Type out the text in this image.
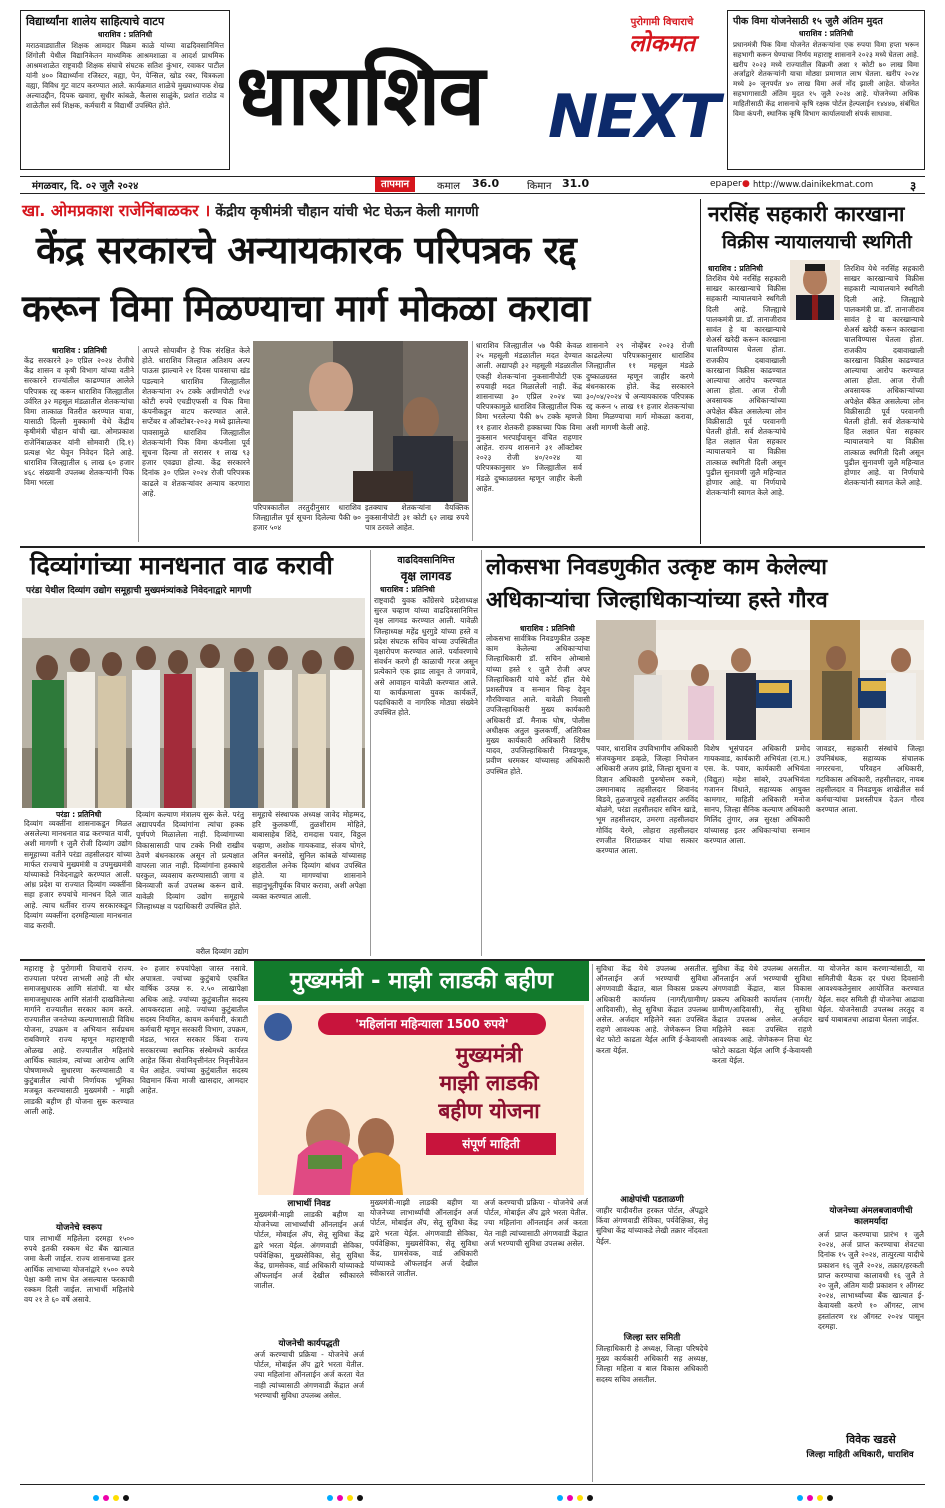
विद्यार्थ्यांना शालेय साहित्याचे वाटप
धाराशिव : प्रतिनिधी
मराठवाड्यातील शिक्षक आमदार विक्रम काळे यांच्या वाढदिवसानिमित्त शिंगोली येथील विद्यानिकेतन माध्यमिक आश्रमशाळा व आदर्श प्राथमिक आश्रमशाळेत राष्ट्रवादी शिक्षक संघाचे संघटक सतिश कुंभार, रवाकर पाटील यांनी ४०० विद्यार्थ्यांना रजिस्टर, वह्या, पेन, पेन्सिल, खोड रबर, चित्रकला वह्या, विविध गुट वाटप करण्यात आले. कार्यक्रमात शाळेचे मुख्याध्यापक शेख अल्याउद्दीन, दिपक खवारा, सुधीर कांबळे, कैलास साळुंके, प्रशांत राठोड व शाळेतील सर्व शिक्षक, कर्मचारी व विद्यार्थी उपस्थित होते. धाराशिव
पुरोगामी विचाराचे
लोकमत
NEXT
पीक विमा योजनेसाठी १५ जुलै अंतिम मुदत
धाराशिव : प्रतिनिधी
प्रधानमंत्री पिक विमा योजनेत शेतकऱ्यांना एक रुपया विमा हप्ता भरून सहभागी करून घेण्याचा निर्णय महाराष्ट्र शासनाने २०२३ मध्ये घेतला आहे. खरीप २०२३ मध्ये राज्यातील विक्रमी अशा १ कोटी ७० लाख विमा अर्जाद्वारे शेतकऱ्यांनी याचा मोठ्या प्रमाणात लाभ घेतला. खरीप २०२४ मध्ये ३० जूनपर्यंत ४० लाख विमा अर्ज नोंद झाली आहेत. योजनेत सहभागासाठी अंतिम मुदत १५ जुलै २०२४ आहे. योजनेच्या अधिक माहितीसाठी केंद्र शासनाचे कृषि रक्षक पोर्टल हेल्पलाईन १४४४७, संबंधित विमा कंपनी, स्थानिक कृषि विभाग कार्यालयाशी संपर्क साधावा.
मंगळवार, दि. ०२ जुलै २०२४	तापमान	कमाल 36.0	किमान 31.0	epaper ● http://www.dainikekmat.com	३
खा. ओमप्रकाश राजेनिंबाळकर । केंद्रीय कृषीमंत्री चौहान यांची भेट घेऊन केली मागणी
केंद्र सरकारचे अन्यायकारक परिपत्रक रद्द
करून विमा मिळण्याचा मार्ग मोकळा करावा
धाराशिव : प्रतिनिधी
केंद्र सरकारने ३० एप्रिल २०२४ रोजीचे केंद्र शासन व कृषी विभाग यांच्या वतीने सरकारने राज्यांतील काढण्यात आलेले परिपत्रक रद्द करून धाराशिव जिल्ह्यातील उर्वरित ३२ महसूल मंडळातील शेतकऱ्यांचा विमा तात्काळ वितरीत करण्यात यावा, यासाठी दिल्ली मुक्कामी येथे केंद्रीय कृषीमंत्री चौहान यांची खा. ओमप्रकाश राजेनिंबाळकर यांनी सोमवारी (दि.१) प्रत्यक्ष भेट घेवून निवेदन दिले आहे. धाराशिव जिल्ह्यातील ६ लाख ६० हजार ४६८ संख्यानी उपलब्ध शेतकऱ्यांनी पिक विमा भरला
आपले सोयाबीन हे पिक संरक्षित केले होते. धाराशिव जिल्हात अतिशय अल्प पाऊस झाल्याने २१ दिवस पावसाचा खंड पडल्याने धाराशिव जिल्ह्यातील शेतकऱ्यांना २५ टक्के अग्रीमपोटी १५४ कोटी रुपये एचडीएफसी व पिक विमा कंपनीकडून वाटप करण्यात आले. सप्टेंबर व ऑक्टोबर-२०२३ मध्ये झालेल्या पावसामुळे धाराशिव जिल्ह्यातील शेतकऱ्यांनी पिक विमा कंपनीला पूर्व सूचना दिल्या तो सरासर १ लाख ९३ हजार एवढ्या होत्या. केंद्र सरकारने दिनांक ३० एप्रिल २०२४ रोजी परिपत्रक काढले व शेतकऱ्यांवर अन्याय करणारा आहे.
परिपत्रकातील तरतुदीनुसार धाराशिव जिल्ह्यातील पूर्व सूचना दिलेल्या पैकी ७० हजार ५०४
इतक्याच शेतकऱ्यांना वैयक्तिक नुकसानीपोटी ३१ कोटी ६२ लाख रुपये पात्र ठरवले आहेत.
धाराशिव जिल्ह्यातील ५७ पैकी केवळ २५ महसूली मंडळातील मदत देण्यात आली. अद्यापही ३२ महसूली मंडळातील एकही शेतकऱ्यांना नुकसानीपोटी एक रुपयाही मदत मिळालेली नाही. केंद्र शासनाच्या ३० एप्रिल २०२४ च्या परिपत्रकामुळे धाराशिव जिल्ह्यातील पिक विमा भरलेल्या पैकी ७५ टक्के म्हणजे ११ हजार शेतकरी हक्काच्या पिक विमा नुकसान भरपाईपासून वंचित राहणार आहेत. राज्य शासनाने ३१ ऑक्टोबर २०२३ रोजी ४०/२०२४ या परिपत्रकानुसार ४० जिल्ह्यातील सर्व मंडळे दुष्काळग्रस्त म्हणून जाहीर केली आहेत.
शासनाने २९ नोव्हेंबर २०२३ रोजी काढलेल्या परिपत्रकानुसार धाराशिव जिल्ह्यातील ११ महसूल मंडळे दुष्काळग्रस्त म्हणून जाहीर करणे बंधनकारक होते. केंद्र सरकारने ३०/०४/२०२४ चे अन्यायकारक परिपत्रक रद्द करून ५ लाख ११ हजार शेतकऱ्यांचा विमा मिळण्याचा मार्ग मोकळा करावा, अशी मागणी केली आहे.
नरसिंह सहकारी कारखाना
विक्रीस न्यायालयाची स्थगिती
धाराशिव : प्रतिनिधी
तिरशिव येथे नरसिंह सहकारी साखर कारखान्याचे विक्रीस सहकारी न्यायालयाने स्थगिती दिली आहे. जिल्ह्याचे पालकमंत्री प्रा. डॉ. तानाजीराव सावंत हे या कारखान्याचे शेअर्स खरेदी करून कारखाना चालविण्यास घेतला होता. राजकीय दबावाखाली कारखाना विक्रीस काढण्यात आल्याचा आरोप करण्यात आला होता. आज रोजी अवसायक अधिकाऱ्यांच्या अपेक्षेत बँकेत असलेल्या लोन विक्रीसाठी पूर्व परवानगी घेतली होती. सर्व शेतकऱ्यांचे हित लक्षात घेता सहकार न्यायालयाने या विक्रीस तात्काळ स्थगिती दिली असून पुढील सुनावणी जुलै महिन्यात होणार आहे. या निर्णयाचे शेतकऱ्यांनी स्वागत केले आहे.
तिरशिव येथे नरसिंह सहकारी साखर कारखान्याचे विक्रीस सहकारी न्यायालयाने स्थगिती दिली आहे. जिल्ह्याचे पालकमंत्री प्रा. डॉ. तानाजीराव सावंत हे या कारखान्याचे शेअर्स खरेदी करून कारखाना चालविण्यास घेतला होता. राजकीय दबावाखाली कारखाना विक्रीस काढण्यात आल्याचा आरोप करण्यात आला होता. आज रोजी अवसायक अधिकाऱ्यांच्या अपेक्षेत बँकेत असलेल्या लोन विक्रीसाठी पूर्व परवानगी घेतली होती. सर्व शेतकऱ्यांचे हित लक्षात घेता सहकार न्यायालयाने या विक्रीस तात्काळ स्थगिती दिली असून पुढील सुनावणी जुलै महिन्यात होणार आहे. या निर्णयाचे शेतकऱ्यांनी स्वागत केले आहे.
दिव्यांगांच्या मानधनात वाढ करावी
परंडा येथील दिव्यांग उद्योग समूहाची मुख्यमंत्र्यांकडे निवेदनाद्वारे मागणी
परंडा : प्रतिनिधी
दिव्यांग व्यक्तींना शासनाकडून मिळत असलेल्या मानधनात वाढ करण्यात यावी, अशी मागणी १ जुलै रोजी दिव्यांग उद्योग समूहाच्या वतीने परंडा तहसीलदार यांच्या मार्फत राज्याचे मुख्यमंत्री व उपमुख्यमंत्री यांच्याकडे निवेदनाद्वारे करण्यात आली. आंध्र प्रदेश या राज्यात दिव्यांग व्यक्तींना सहा हजार रुपयांचे मानधन दिले जात आहे. त्याच धर्तीवर राज्य सरकारकडून दिव्यांग व्यक्तींना दरमहिन्याला मानधनात वाढ करावी.
दिव्यांग कल्याण मंत्रालय सुरू केले. परंतु अद्यापपर्यंत दिव्यांगांना त्यांचा हक्क पूर्णपणे मिळालेला नाही. दिव्यांगाच्या विकासासाठी पाच टक्के निधी राखीव ठेवणे बंधनकारक असून तो प्रत्यक्षात वापरला जात नाही. दिव्यांगांना हक्काचे घरकुल, व्यवसाय करण्यासाठी जागा व बिनव्याजी कर्ज उपलब्ध करून द्यावे. यावेळी दिव्यांग उद्योग समूहाचे जिल्हाध्यक्ष व पदाधिकारी उपस्थित होते.
समूहाचे संस्थापक अध्यक्ष जावेद मोहम्मद, हरि कुलकर्णी, तुळशीराम मोहिते, बाबासाहेब शिंदे, रामदास पवार, विठ्ठल चव्हाण, अशोक गायकवाड, संजय घोगरे, अनिल बनसोडे, सुनिल कांबळे यांच्यासह शहरातील अनेक दिव्यांग बांधव उपस्थित होते. या मागण्यांचा शासनाने सहानुभूतीपूर्वक विचार करावा, अशी अपेक्षा व्यक्त करण्यात आली.
वरील दिव्यांग उद्योग
वाढदिवसानिमित्त
वृक्ष लागवड
धाराशिव : प्रतिनिधी
राष्ट्रवादी युवक काँग्रेसचे प्रदेशाध्यक्ष सुरज चव्हाण यांच्या वाढदिवसानिमित्त वृक्ष लागवड करण्यात आली. यावेळी जिल्हाध्यक्ष महेंद्र धुरगुडे यांच्या हस्ते व प्रदेश संघटक सचिव यांच्या उपस्थितीत वृक्षारोपण करण्यात आले. पर्यावरणाचे संवर्धन करणे ही काळाची गरज असून प्रत्येकाने एक झाड लावून ते जगवावे, असे आवाहन यावेळी करण्यात आले. या कार्यक्रमाला युवक कार्यकर्ते, पदाधिकारी व नागरिक मोठ्या संख्येने उपस्थित होते.
लोकसभा निवडणुकीत उत्कृष्ट काम केलेल्या
अधिकाऱ्यांचा जिल्हाधिकाऱ्यांच्या हस्ते गौरव
धाराशिव : प्रतिनिधी
लोकसभा सार्वत्रिक निवडणुकीत उत्कृष्ट काम केलेल्या अधिकाऱ्यांचा जिल्हाधिकारी डॉ. सचिन ओम्बासे यांच्या हस्ते १ जुलै रोजी अपर जिल्हाधिकारी यांचे कोर्ट हॉल येथे प्रशस्तीपत्र व सन्मान चिन्ह देवून गौरविण्यात आले. यावेळी निवासी उपजिल्हाधिकारी मुख्य कार्यकारी अधिकारी डॉ. मैनाक घोष, पोलीस अधीक्षक अतुल कुलकर्णी, अतिरिक्त मुख्य कार्यकारी अधिकारी शिरीष यादव, उपजिल्हाधिकारी निवडणूक, प्रवीण धरमकर यांच्यासह अधिकारी उपस्थित होते.
पवार, धाराशिव उपविभागीय अधिकारी संजयकुमार डव्हळे, जिल्हा नियोजन अधिकारी अजय झांडे, जिल्हा सूचना व विज्ञान अधिकारी पुरुषोत्तम रुकमे, उस्मानाबाद तहसीलदार शिवानंद बिडवे, तुळजापूरचे तहसीलदार अरविंद बोळंगे, परंडा तहसीलदार सचिन खाडे, भूम तहसीलदार, उमरगा तहसीलदार गोविंद येरमे, लोहारा तहसीलदार रणजीत शिराळकर यांचा सत्कार करण्यात आला.
विशेष भूसंपादन अधिकारी प्रमोद गायकवाड, कार्यकारी अभियंता (रा.म.) एस. के. पवार, कार्यकारी अभियंता (विद्युत) महेश सांबरे, उपअभियंता गजानन विधाते, सहाय्यक आयुक्त कामगार, माहिती अधिकारी मनोज सानप, जिल्हा सैनिक कल्याण अधिकारी मिलिंद तुंगार, अन्न सुरक्षा अधिकारी यांच्यासह इतर अधिकाऱ्यांचा सन्मान करण्यात आला.
जावडर, सहकारी संस्थांचे जिल्हा उपनिबंधक, सहाय्यक संचालक नगररचना, परिवहन अधिकारी, गटविकास अधिकारी, तहसीलदार, नायब तहसीलदार व निवडणूक शाखेतील सर्व कर्मचाऱ्यांचा प्रशस्तीपत्र देऊन गौरव करण्यात आला.
महाराष्ट्र हे पुरोगामी विचाराचे राज्य. राज्याला परंपरा लाभली आहे ती थोर समाजसुधारक आणि संतांची. या थोर समाजसुधारक आणि संतांनी दाखविलेल्या मार्गाने राज्यातील सरकार काम करते. राज्यातील जनतेच्या कल्याणासाठी विविध योजना, उपक्रम व अभियान सर्वप्रथम राबविणारे राज्य म्हणून महाराष्ट्राची ओळख आहे. राज्यातील महिलांचे आर्थिक स्वातंत्र्य, त्यांच्या आरोग्य आणि पोषणामध्ये सुधारणा करण्यासाठी व कुटुंबातील त्यांची निर्णायक भूमिका मजबूत करण्यासाठी मुख्यमंत्री - माझी लाडकी बहीण ही योजना सुरू करण्यात आली आहे.
योजनेचे स्वरूप
पात्र लाभार्थी महिलेला दरमहा १५०० रुपये इतकी रक्कम थेट बँक खात्यात जमा केली जाईल. राज्य शासनाच्या इतर आर्थिक लाभाच्या योजनांद्वारे १५०० रुपये पेक्षा कमी लाभ घेत असल्यास फरकाची रक्कम दिली जाईल. लाभार्थी महिलांचे वय २१ ते ६० वर्षे असावे.
२० हजार रुपयांपेक्षा जास्त नसावे. अपात्रता. ज्यांच्या कुटुंबाचे एकत्रित वार्षिक उत्पन्न रु. २.५० लाखापेक्षा अधिक आहे. ज्यांच्या कुटुंबातील सदस्य आयकरदाता आहे. ज्यांच्या कुटुंबातील सदस्य नियमित, कायम कर्मचारी, कंत्राटी कर्मचारी म्हणून सरकारी विभाग, उपक्रम, मंडळ, भारत सरकार किंवा राज्य सरकारच्या स्थानिक संस्थेमध्ये कार्यरत आहेत किंवा सेवानिवृत्तीनंतर निवृत्तीवेतन घेत आहेत. ज्यांच्या कुटुंबातील सदस्य विद्यमान किंवा माजी खासदार, आमदार आहेत.
मुख्यमंत्री - माझी लाडकी बहीण
'महिलांना महिन्याला 1500 रुपये'
मुख्यमंत्री
माझी लाडकी
बहीण योजना
संपूर्ण माहिती
लाभार्थी निवड
मुख्यमंत्री-माझी लाडकी बहीण या योजनेच्या लाभार्थ्यांची ऑनलाईन अर्ज पोर्टल, मोबाईल ॲप, सेतू सुविधा केंद्र द्वारे भरता येईल. अंगणवाडी सेविका, पर्यवेक्षिका, मुख्यसेविका, सेतू सुविधा केंद्र, ग्रामसेवक, वार्ड अधिकारी यांच्याकडे ऑफलाईन अर्ज देखील स्वीकारले जातील.
योजनेची कार्यपद्धती
अर्ज करण्याची प्रक्रिया - योजनेचे अर्ज पोर्टल, मोबाईल ॲप द्वारे भरता येतील. ज्या महिलांना ऑनलाईन अर्ज करता येत नाही त्यांच्यासाठी अंगणवाडी केंद्रात अर्ज भरण्याची सुविधा उपलब्ध असेल.
मुख्यमंत्री-माझी लाडकी बहीण या योजनेच्या लाभार्थ्यांची ऑनलाईन अर्ज पोर्टल, मोबाईल ॲप, सेतू सुविधा केंद्र द्वारे भरता येईल. अंगणवाडी सेविका, पर्यवेक्षिका, मुख्यसेविका, सेतू सुविधा केंद्र, ग्रामसेवक, वार्ड अधिकारी यांच्याकडे ऑफलाईन अर्ज देखील स्वीकारले जातील.
अर्ज करण्याची प्रक्रिया - योजनेचे अर्ज पोर्टल, मोबाईल ॲप द्वारे भरता येतील. ज्या महिलांना ऑनलाईन अर्ज करता येत नाही त्यांच्यासाठी अंगणवाडी केंद्रात अर्ज भरण्याची सुविधा उपलब्ध असेल.
सुविधा केंद्र येथे उपलब्ध असतील. ऑनलाईन अर्ज भरण्याची सुविधा अंगणवाडी केंद्रात, बाल विकास प्रकल्प अधिकारी कार्यालय (नागरी/ग्रामीण/आदिवासी), सेतू सुविधा केंद्रात उपलब्ध असेल. अर्जदार महिलेने स्वतः उपस्थित राहणे आवश्यक आहे. जेणेकरून तिचा थेट फोटो काढता येईल आणि ई-केवायसी करता येईल.
आक्षेपांची पडताळणी
जाहीर यादीवरील हरकत पोर्टल, ॲपद्वारे किंवा अंगणवाडी सेविका, पर्यवेक्षिका, सेतू सुविधा केंद्र यांच्याकडे लेखी तक्रार नोंदवता येईल.
जिल्हा स्तर समिती
जिल्हाधिकारी हे अध्यक्ष, जिल्हा परिषदेचे मुख्य कार्यकारी अधिकारी सह अध्यक्ष, जिल्हा महिला व बाल विकास अधिकारी सदस्य सचिव असतील.
सुविधा केंद्र येथे उपलब्ध असतील. ऑनलाईन अर्ज भरण्याची सुविधा अंगणवाडी केंद्रात, बाल विकास प्रकल्प अधिकारी कार्यालय (नागरी/ग्रामीण/आदिवासी), सेतू सुविधा केंद्रात उपलब्ध असेल. अर्जदार महिलेने स्वतः उपस्थित राहणे आवश्यक आहे. जेणेकरून तिचा थेट फोटो काढता येईल आणि ई-केवायसी करता येईल.
या योजनेत काम करणाऱ्यांसाठी, या समितीची बैठक दर पंधरा दिवसांनी आवश्यकतेनुसार आयोजित करण्यात येईल. सदर समिती ही योजनेचा आढावा घेईल. योजनेसाठी उपलब्ध तरतूद व खर्च याबाबतचा आढावा घेतला जाईल.
योजनेच्या अंमलबजावणीची कालमर्यादा
अर्ज प्राप्त करण्याचा प्रारंभ १ जुलै २०२४, अर्ज प्राप्त करण्याचा शेवटचा दिनांक १५ जुलै २०२४, तात्पुरत्या यादीचे प्रकाशन १६ जुलै २०२४, तक्रार/हरकती प्राप्त करण्याचा कालावधी १६ जुलै ते २० जुलै, अंतिम यादी प्रकाशन १ ऑगस्ट २०२४, लाभार्थ्यांच्या बँक खात्यात ई-केवायसी करणे १० ऑगस्ट, लाभ हस्तांतरण १४ ऑगस्ट २०२४ पासून दरमहा.
विवेक खडसे
जिल्हा माहिती अधिकारी, धाराशिव
